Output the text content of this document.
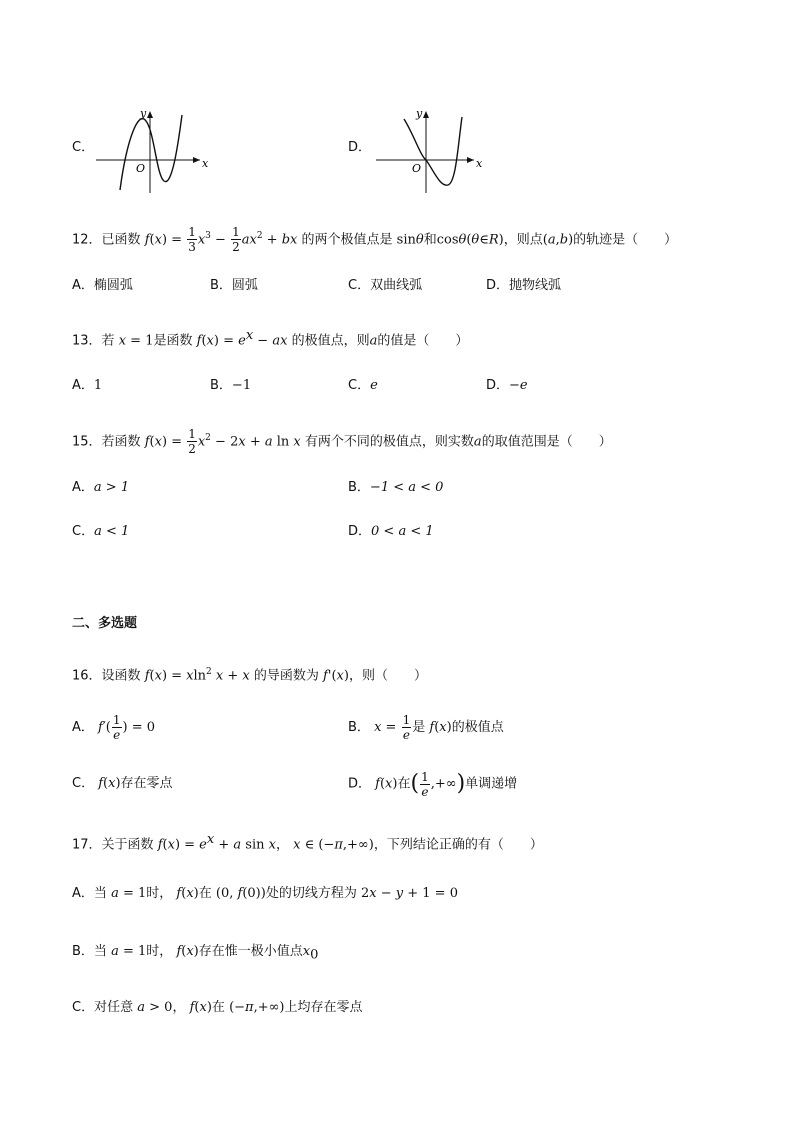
C．
y
x
O
D．
y
x
O
12．已函数 $f(x) = \frac{1}{3} x^3 - \frac{1}{2} ax^2$ + bx 的两个极值点是 sinθ和cosθ(θ∈R)，则点(a,b)的轨迹是（　　）
A．椭圆弧	B．圆弧	C．双曲线弧	D．抛物线弧
13．若 x = 1是函数 $f(x) = e^x$ − ax 的极值点，则a的值是（　　）
A．1	B．−1	C．e	D．−e
15．若函数 $f(x) = \frac{1}{2} x^2 - 2x + a$ ln x 有两个不同的极值点，则实数a的取值范围是（　　）
A．a > 1	B．−1 < a < 0
C．a < 1	D．0 < a < 1
二、多选题
16．设函数 f(x) = xln$^2$ x + x 的导函数为 f'(x)，则（　　）
A． $f'( \frac{1}{e}$ ) = 0	B． $x = \frac{1}{e}$ 是 f(x)的极值点
C． f(x)存在零点	D． f(x)在( $\frac{1}{e}$ ,+∞)单调递增
17．关于函数 $f(x) = e^x + a$ sin x， x ∈ (−π,+∞)，下列结论正确的有（　　）
A．当 a = 1时， f(x)在 (0, f(0))处的切线方程为 2x − y + 1 = 0
B．当 a = 1时， f(x)存在惟一极小值点$x_0$
C．对任意 a > 0， f(x)在 (−π,+∞)上均存在零点
